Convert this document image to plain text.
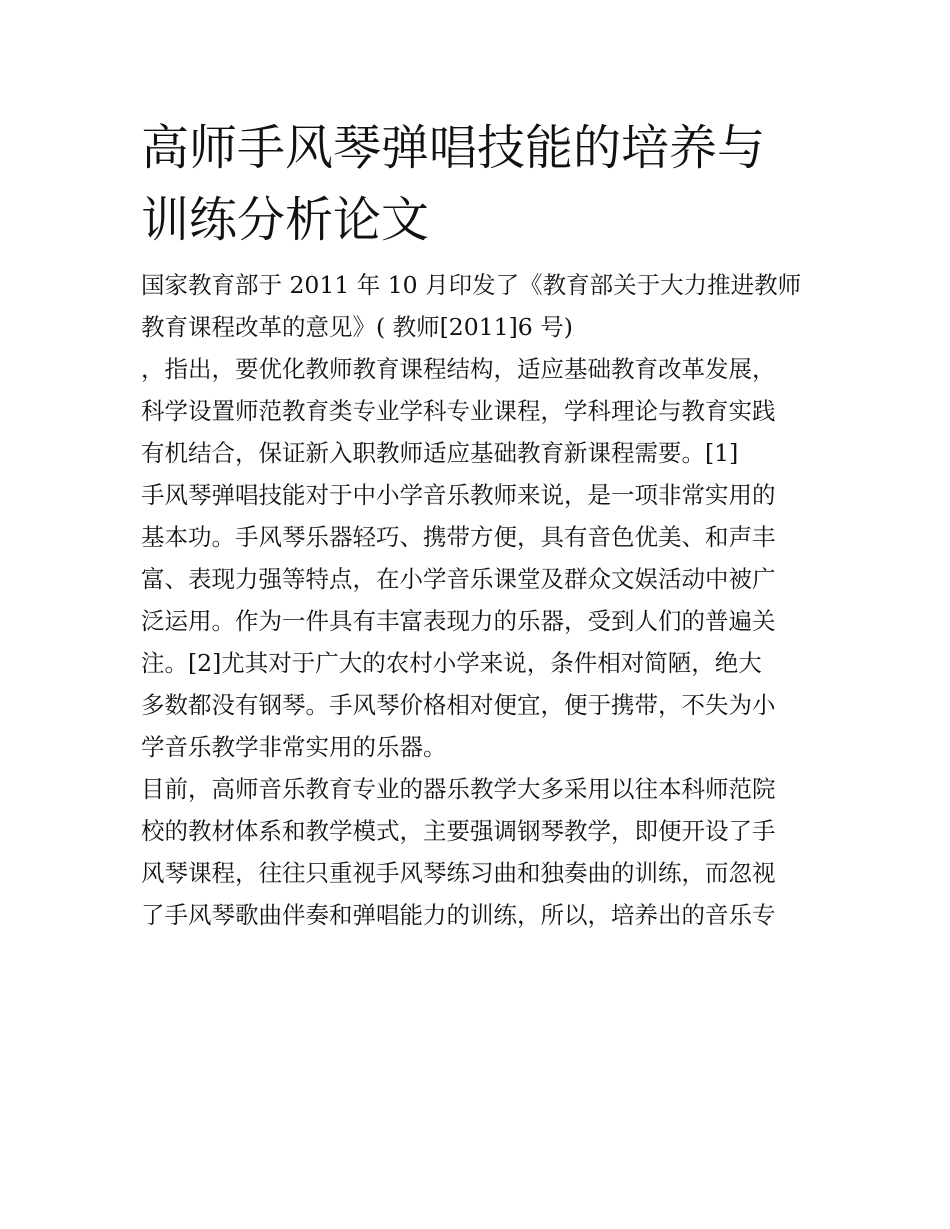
高师手风琴弹唱技能的培养与
训练分析论文

国家教育部于 2011 年 10 月印发了《教育部关于大力推进教师
教育课程改革的意见》( 教师[2011]6 号)
，指出，要优化教师教育课程结构，适应基础教育改革发展，
科学设置师范教育类专业学科专业课程，学科理论与教育实践
有机结合，保证新入职教师适应基础教育新课程需要。[1]

手风琴弹唱技能对于中小学音乐教师来说，是一项非常实用的
基本功。手风琴乐器轻巧、携带方便，具有音色优美、和声丰
富、表现力强等特点，在小学音乐课堂及群众文娱活动中被广
泛运用。作为一件具有丰富表现力的乐器，受到人们的普遍关
注。[2]尤其对于广大的农村小学来说，条件相对简陋，绝大
多数都没有钢琴。手风琴价格相对便宜，便于携带，不失为小
学音乐教学非常实用的乐器。

目前，高师音乐教育专业的器乐教学大多采用以往本科师范院
校的教材体系和教学模式，主要强调钢琴教学，即便开设了手
风琴课程，往往只重视手风琴练习曲和独奏曲的训练，而忽视
了手风琴歌曲伴奏和弹唱能力的训练，所以，培养出的音乐专
